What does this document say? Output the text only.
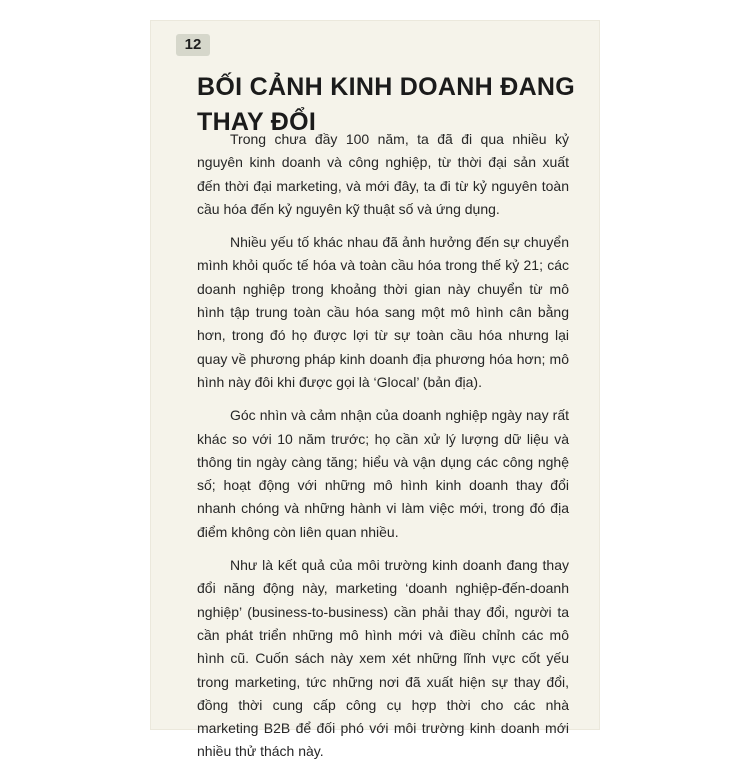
12
BỐI CẢNH KINH DOANH ĐANG THAY ĐỔI

Trong chưa đầy 100 năm, ta đã đi qua nhiều kỷ nguyên kinh doanh và công nghiệp, từ thời đại sản xuất đến thời đại marketing, và mới đây, ta đi từ kỷ nguyên toàn cầu hóa đến kỷ nguyên kỹ thuật số và ứng dụng.

Nhiều yếu tố khác nhau đã ảnh hưởng đến sự chuyển mình khỏi quốc tế hóa và toàn cầu hóa trong thế kỷ 21; các doanh nghiệp trong khoảng thời gian này chuyển từ mô hình tập trung toàn cầu hóa sang một mô hình cân bằng hơn, trong đó họ được lợi từ sự toàn cầu hóa nhưng lại quay về phương pháp kinh doanh địa phương hóa hơn; mô hình này đôi khi được gọi là ‘Glocal’ (bản địa).

Góc nhìn và cảm nhận của doanh nghiệp ngày nay rất khác so với 10 năm trước; họ cần xử lý lượng dữ liệu và thông tin ngày càng tăng; hiểu và vận dụng các công nghệ số; hoạt động với những mô hình kinh doanh thay đổi nhanh chóng và những hành vi làm việc mới, trong đó địa điểm không còn liên quan nhiều.

Như là kết quả của môi trường kinh doanh đang thay đổi năng động này, marketing ‘doanh nghiệp-đến-doanh nghiệp’ (business-to-business) cần phải thay đổi, người ta cần phát triển những mô hình mới và điều chỉnh các mô hình cũ. Cuốn sách này xem xét những lĩnh vực cốt yếu trong marketing, tức những nơi đã xuất hiện sự thay đổi, đồng thời cung cấp công cụ hợp thời cho các nhà marketing B2B để đối phó với môi trường kinh doanh mới nhiều thử thách này.
